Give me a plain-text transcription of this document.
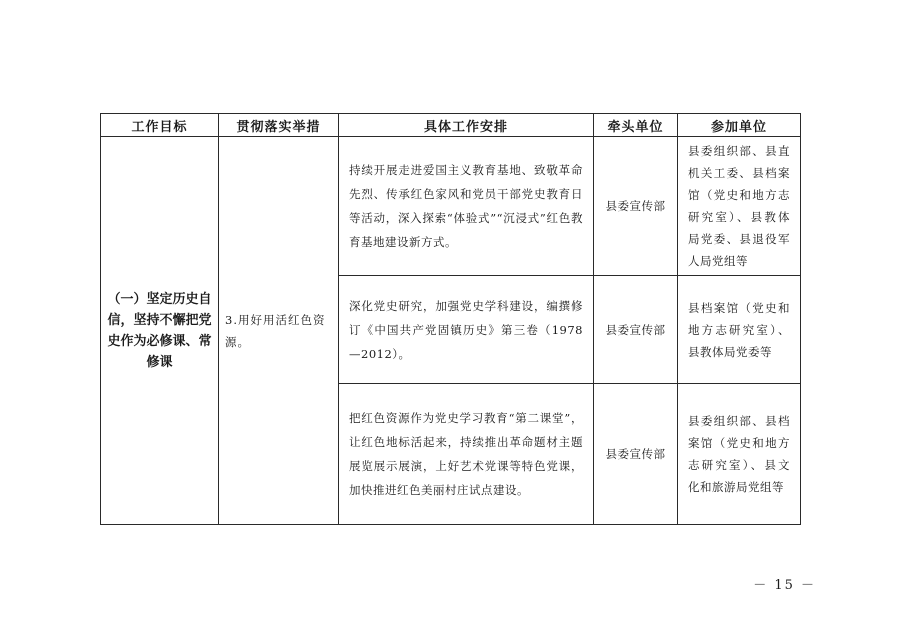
工作目标	贯彻落实举措	具体工作安排	牵头单位	参加单位
（一）坚定历史自信，坚持不懈把党史作为必修课、常修课	3.用好用活红色资源。	持续开展走进爱国主义教育基地、致敬革命先烈、传承红色家风和党员干部党史教育日等活动，深入探索“体验式”“沉浸式”红色教育基地建设新方式。	县委宣传部	县委组织部、县直机关工委、县档案馆（党史和地方志研究室）、县教体局党委、县退役军人局党组等
		深化党史研究，加强党史学科建设，编撰修订《中国共产党固镇历史》第三卷（1978—2012）。	县委宣传部	县档案馆（党史和地方志研究室）、县教体局党委等
		把红色资源作为党史学习教育“第二课堂”，让红色地标活起来，持续推出革命题材主题展览展示展演，上好艺术党课等特色党课，加快推进红色美丽村庄试点建设。	县委宣传部	县委组织部、县档案馆（党史和地方志研究室）、县文化和旅游局党组等
－ 15 －
